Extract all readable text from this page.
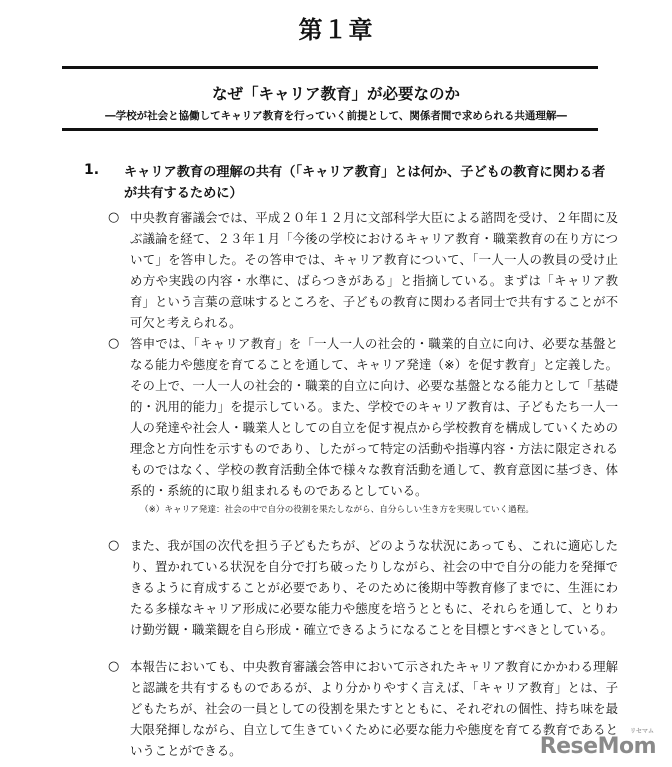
第１章
なぜ「キャリア教育」が必要なのか
―学校が社会と協働してキャリア教育を行っていく前提として、関係者間で求められる共通理解―
1. キャリア教育の理解の共有（「キャリア教育」とは何か、子どもの教育に関わる者が共有するために）
○ 中央教育審議会では、平成２０年１２月に文部科学大臣による諮問を受け、２年間に及ぶ議論を経て、２３年１月「今後の学校におけるキャリア教育・職業教育の在り方について」を答申した。その答申では、キャリア教育について、「一人一人の教員の受け止め方や実践の内容・水準に、ばらつきがある」と指摘している。まずは「キャリア教育」という言葉の意味するところを、子どもの教育に関わる者同士で共有することが不可欠と考えられる。
○ 答申では、「キャリア教育」を「一人一人の社会的・職業的自立に向け、必要な基盤となる能力や態度を育てることを通して、キャリア発達（※）を促す教育」と定義した。その上で、一人一人の社会的・職業的自立に向け、必要な基盤となる能力として「基礎的・汎用的能力」を提示している。また、学校でのキャリア教育は、子どもたち一人一人の発達や社会人・職業人としての自立を促す視点から学校教育を構成していくための理念と方向性を示すものであり、したがって特定の活動や指導内容・方法に限定されるものではなく、学校の教育活動全体で様々な教育活動を通して、教育意図に基づき、体系的・系統的に取り組まれるものであるとしている。
（※）キャリア発達：社会の中で自分の役割を果たしながら、自分らしい生き方を実現していく過程。
○ また、我が国の次代を担う子どもたちが、どのような状況にあっても、これに適応したり、置かれている状況を自分で打ち破ったりしながら、社会の中で自分の能力を発揮できるように育成することが必要であり、そのために後期中等教育修了までに、生涯にわたる多様なキャリア形成に必要な能力や態度を培うとともに、それらを通して、とりわけ勤労観・職業観を自ら形成・確立できるようになることを目標とすべきとしている。
○ 本報告においても、中央教育審議会答申において示されたキャリア教育にかかわる理解と認識を共有するものであるが、より分かりやすく言えば、「キャリア教育」とは、子どもたちが、社会の一員としての役割を果たすとともに、それぞれの個性、持ち味を最大限発揮しながら、自立して生きていくために必要な能力や態度を育てる教育であるということができる。	ReseMom
リセマム
